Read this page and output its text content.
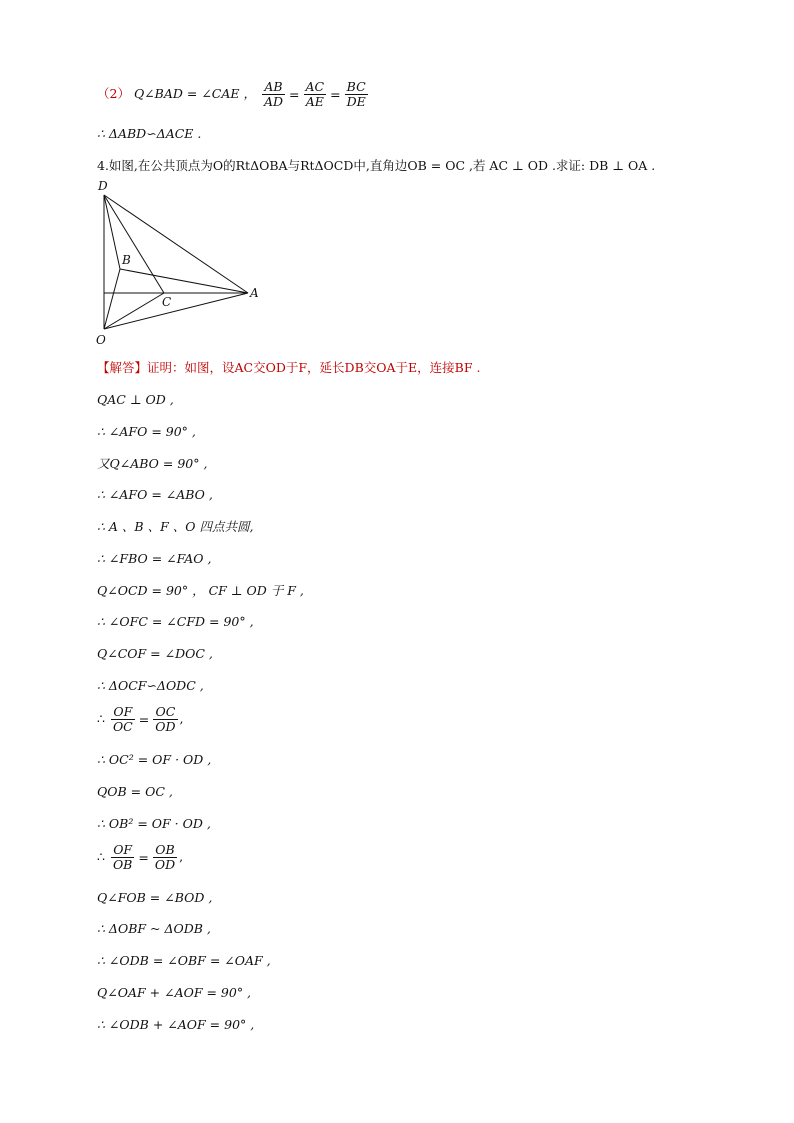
（2） Q∠BAD = ∠CAE ， $\frac{AB}{AD} = \frac{AC}{AE} = \frac{BC}{DE}$
∴ ΔABD∽ΔACE .
4.如图,在公共顶点为O的RtΔOBA与RtΔOCD中,直角边OB = OC ,若 AC ⊥ OD .求证: DB ⊥ OA .
D
B
C
A
O
【解答】证明：如图，设AC交OD于F，延长DB交OA于E，连接BF .
QAC ⊥ OD ,
∴ ∠AFO = 90° ,
又Q∠ABO = 90° ,
∴ ∠AFO = ∠ABO ,
∴ A 、B 、F 、O 四点共圆,
∴ ∠FBO = ∠FAO ,
Q∠OCD = 90° ， CF ⊥ OD 于 F ,
∴ ∠OFC = ∠CFD = 90° ,
Q∠COF = ∠DOC ,
∴ ΔOCF∽ΔODC ,
∴ $\frac{OF}{OC} = \frac{OC}{OD}$ ,
∴ OC² = OF · OD ,
QOB = OC ,
∴ OB² = OF · OD ,
∴ $\frac{OF}{OB} = \frac{OB}{OD}$ ,
Q∠FOB = ∠BOD ,
∴ ΔOBF ~ ΔODB ,
∴ ∠ODB = ∠OBF = ∠OAF ,
Q∠OAF + ∠AOF = 90° ,
∴ ∠ODB + ∠AOF = 90° ,
